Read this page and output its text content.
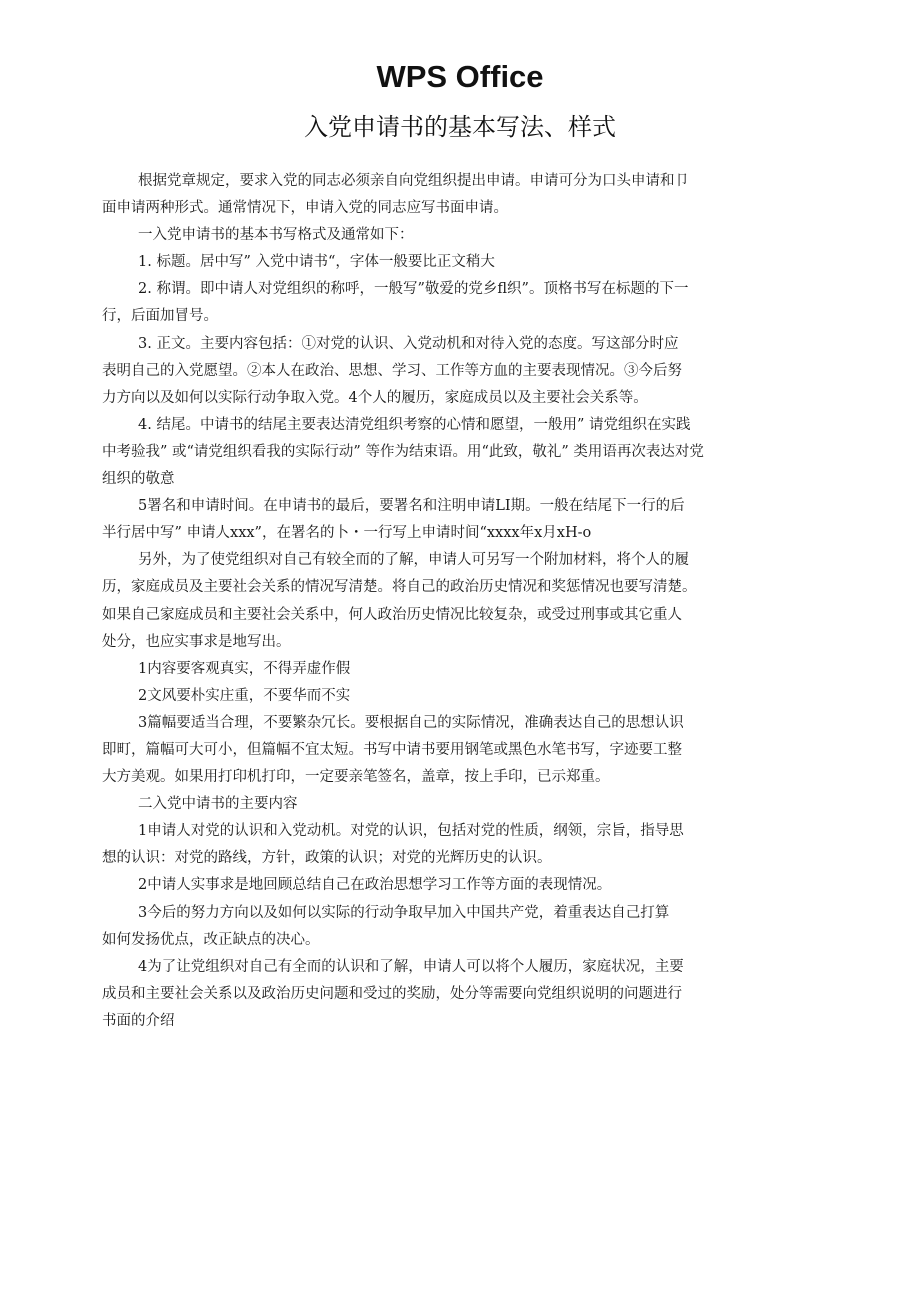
WPS Office
入党申请书的基本写法、样式
根据党章规定，要求入党的同志必须亲自向党组织提出申请。申请可分为口头申请和卩
面申请两种形式。通常情况下，申请入党的同志应写书面申请。
一入党申请书的基本书写格式及通常如下：
1. 标题。居中写” 入党中请书“，字体一般要比正文稍大
2. 称谓。即中请人对党组织的称呼，一般写”敬爱的党乡fl织”。顶格书写在标题的下一
行，后面加冒号。
3. 正文。主要内容包括：①对党的认识、入党动机和对待入党的态度。写这部分时应
表明自己的入党愿望。②本人在政治、思想、学习、工作等方血的主要表现情况。③今后努
力方向以及如何以实际行动争取入党。4个人的履历，家庭成员以及主要社会关系等。
4. 结尾。中请书的结尾主要表达清党组织考察的心情和愿望，一般用” 请党组织在实践
中考验我” 或“请党组织看我的实际行动” 等作为结束语。用“此致，敬礼” 类用语再次表达对党
组织的敬意
5署名和申请时间。在申请书的最后，要署名和注明申请LI期。一般在结尾下一行的后
半行居中写” 申请人xxx”，在署名的卜・一行写上申请时间“xxxx年x月xH-o
另外，为了使党组织对自己有较全而的了解，申请人可另写一个附加材料，将个人的履
历，家庭成员及主要社会关系的情况写清楚。将自己的政治历史情况和奖惩情况也要写清楚。
如果自己家庭成员和主要社会关系中，何人政治历史情况比较复杂，或受过刑事或其它重人
处分，也应实事求是地写出。
1内容要客观真实，不得弄虚作假
2文风要朴实庄重，不要华而不实
3篇幅要适当合理，不要繁杂冗长。要根据自己的实际情况，准确表达自己的思想认识
即町，篇幅可大可小，但篇幅不宜太短。书写中请书要用钢笔或黑色水笔书写，字迹要工整
大方美观。如果用打印机打印，一定要亲笔签名，盖章，按上手印，已示郑重。
二入党中请书的主要内容
1申请人对党的认识和入党动机。对党的认识，包括对党的性质，纲领，宗旨，指导思
想的认识：对党的路线，方针，政策的认识；对党的光辉历史的认识。
2中请人实事求是地回顾总结自己在政治思想学习工作等方面的表现情况。
3今后的努力方向以及如何以实际的行动争取早加入中国共产党，着重表达自己打算
如何发扬优点，改正缺点的决心。
4为了让党组织对自己有全而的认识和了解，申请人可以将个人履历，家庭状况，主要
成员和主要社会关系以及政治历史问题和受过的奖励，处分等需要向党组织说明的问题进行
书面的介绍
